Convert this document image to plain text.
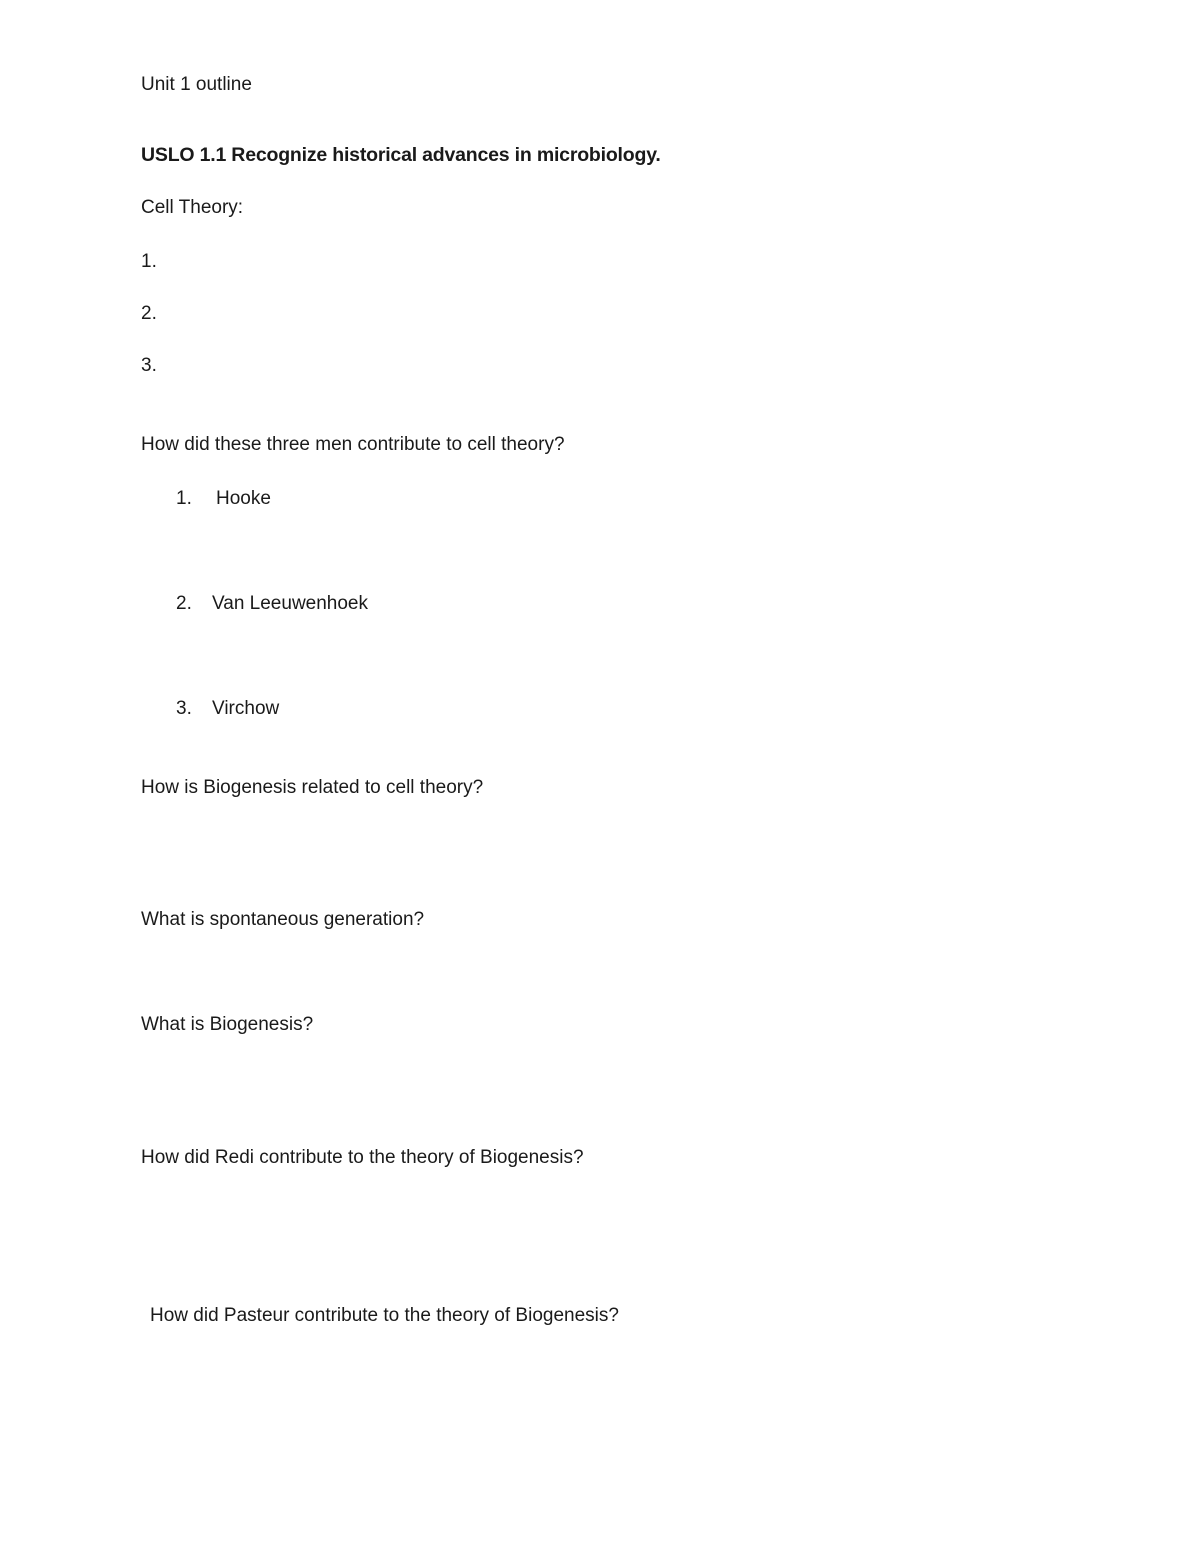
Unit 1 outline
USLO 1.1 Recognize historical advances in microbiology.
Cell Theory:
1.
2.
3.
How did these three men contribute to cell theory?
1. Hooke
2. Van Leeuwenhoek
3. Virchow
How is Biogenesis related to cell theory?
What is spontaneous generation?
What is Biogenesis?
How did Redi contribute to the theory of Biogenesis?
How did Pasteur contribute to the theory of Biogenesis?
